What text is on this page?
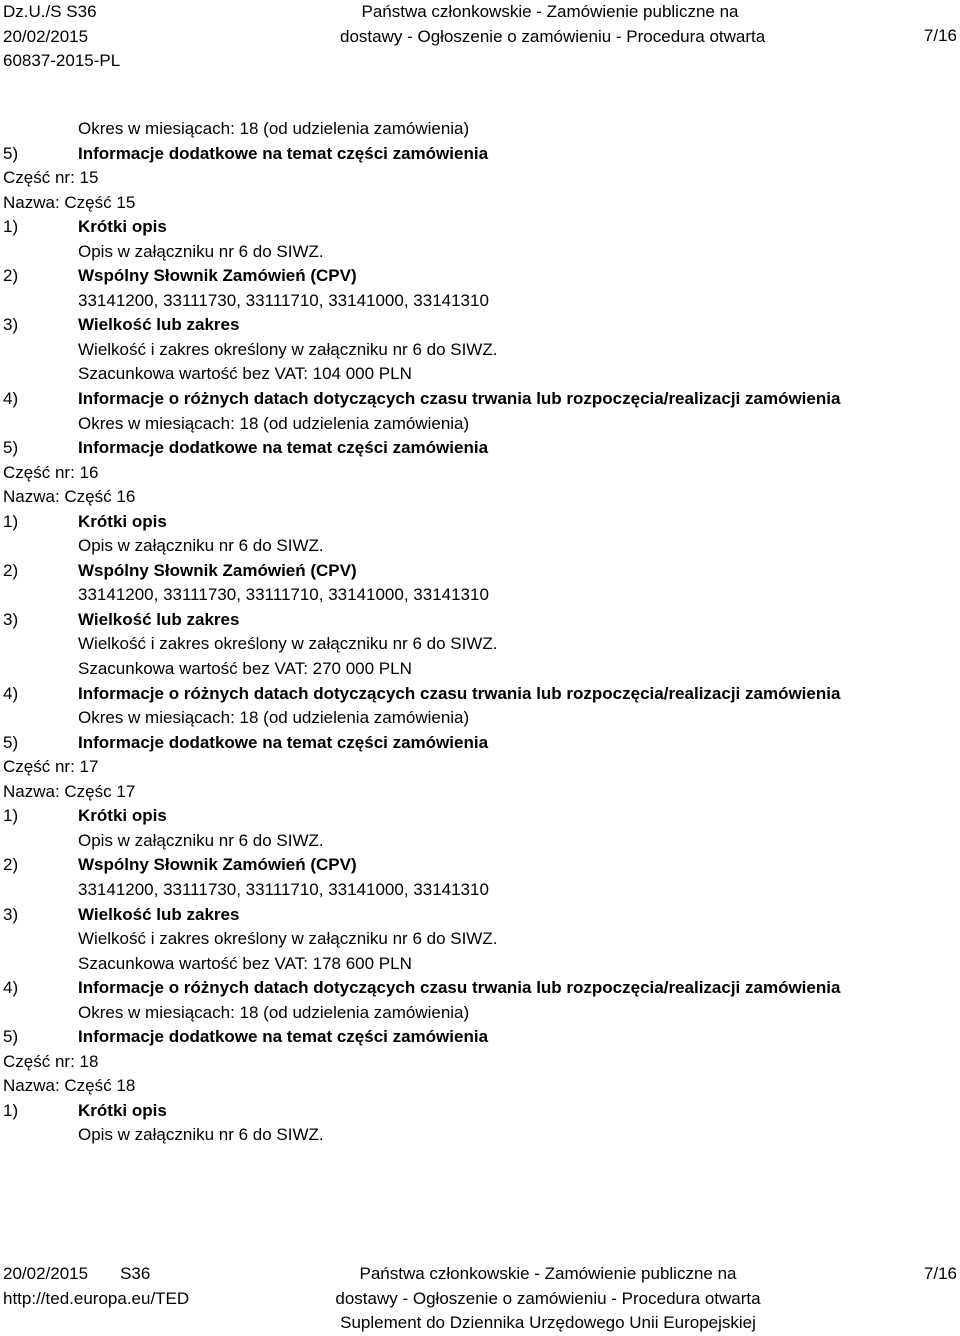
Dz.U./S S36
20/02/2015
60837-2015-PL
Państwa członkowskie - Zamówienie publiczne na
dostawy - Ogłoszenie o zamówieniu - Procedura otwarta	7/16
Okres w miesiącach: 18 (od udzielenia zamówienia)
5)	Informacje dodatkowe na temat części zamówienia
Część nr: 15
Nazwa: Część 15
1)	Krótki opis
Opis w załączniku nr 6 do SIWZ.
2)	Wspólny Słownik Zamówień (CPV)
33141200, 33111730, 33111710, 33141000, 33141310
3)	Wielkość lub zakres
Wielkość i zakres określony w załączniku nr 6 do SIWZ.
Szacunkowa wartość bez VAT: 104 000 PLN
4)	Informacje o różnych datach dotyczących czasu trwania lub rozpoczęcia/realizacji zamówienia
Okres w miesiącach: 18 (od udzielenia zamówienia)
5)	Informacje dodatkowe na temat części zamówienia
Część nr: 16
Nazwa: Część 16
1)	Krótki opis
Opis w załączniku nr 6 do SIWZ.
2)	Wspólny Słownik Zamówień (CPV)
33141200, 33111730, 33111710, 33141000, 33141310
3)	Wielkość lub zakres
Wielkość i zakres określony w załączniku nr 6 do SIWZ.
Szacunkowa wartość bez VAT: 270 000 PLN
4)	Informacje o różnych datach dotyczących czasu trwania lub rozpoczęcia/realizacji zamówienia
Okres w miesiącach: 18 (od udzielenia zamówienia)
5)	Informacje dodatkowe na temat części zamówienia
Część nr: 17
Nazwa: Częśc 17
1)	Krótki opis
Opis w załączniku nr 6 do SIWZ.
2)	Wspólny Słownik Zamówień (CPV)
33141200, 33111730, 33111710, 33141000, 33141310
3)	Wielkość lub zakres
Wielkość i zakres określony w załączniku nr 6 do SIWZ.
Szacunkowa wartość bez VAT: 178 600 PLN
4)	Informacje o różnych datach dotyczących czasu trwania lub rozpoczęcia/realizacji zamówienia
Okres w miesiącach: 18 (od udzielenia zamówienia)
5)	Informacje dodatkowe na temat części zamówienia
Część nr: 18
Nazwa: Część 18
1)	Krótki opis
Opis w załączniku nr 6 do SIWZ.
20/02/2015 S36
http://ted.europa.eu/TED
Państwa członkowskie - Zamówienie publiczne na
dostawy - Ogłoszenie o zamówieniu - Procedura otwarta
Suplement do Dziennika Urzędowego Unii Europejskiej
7/16
